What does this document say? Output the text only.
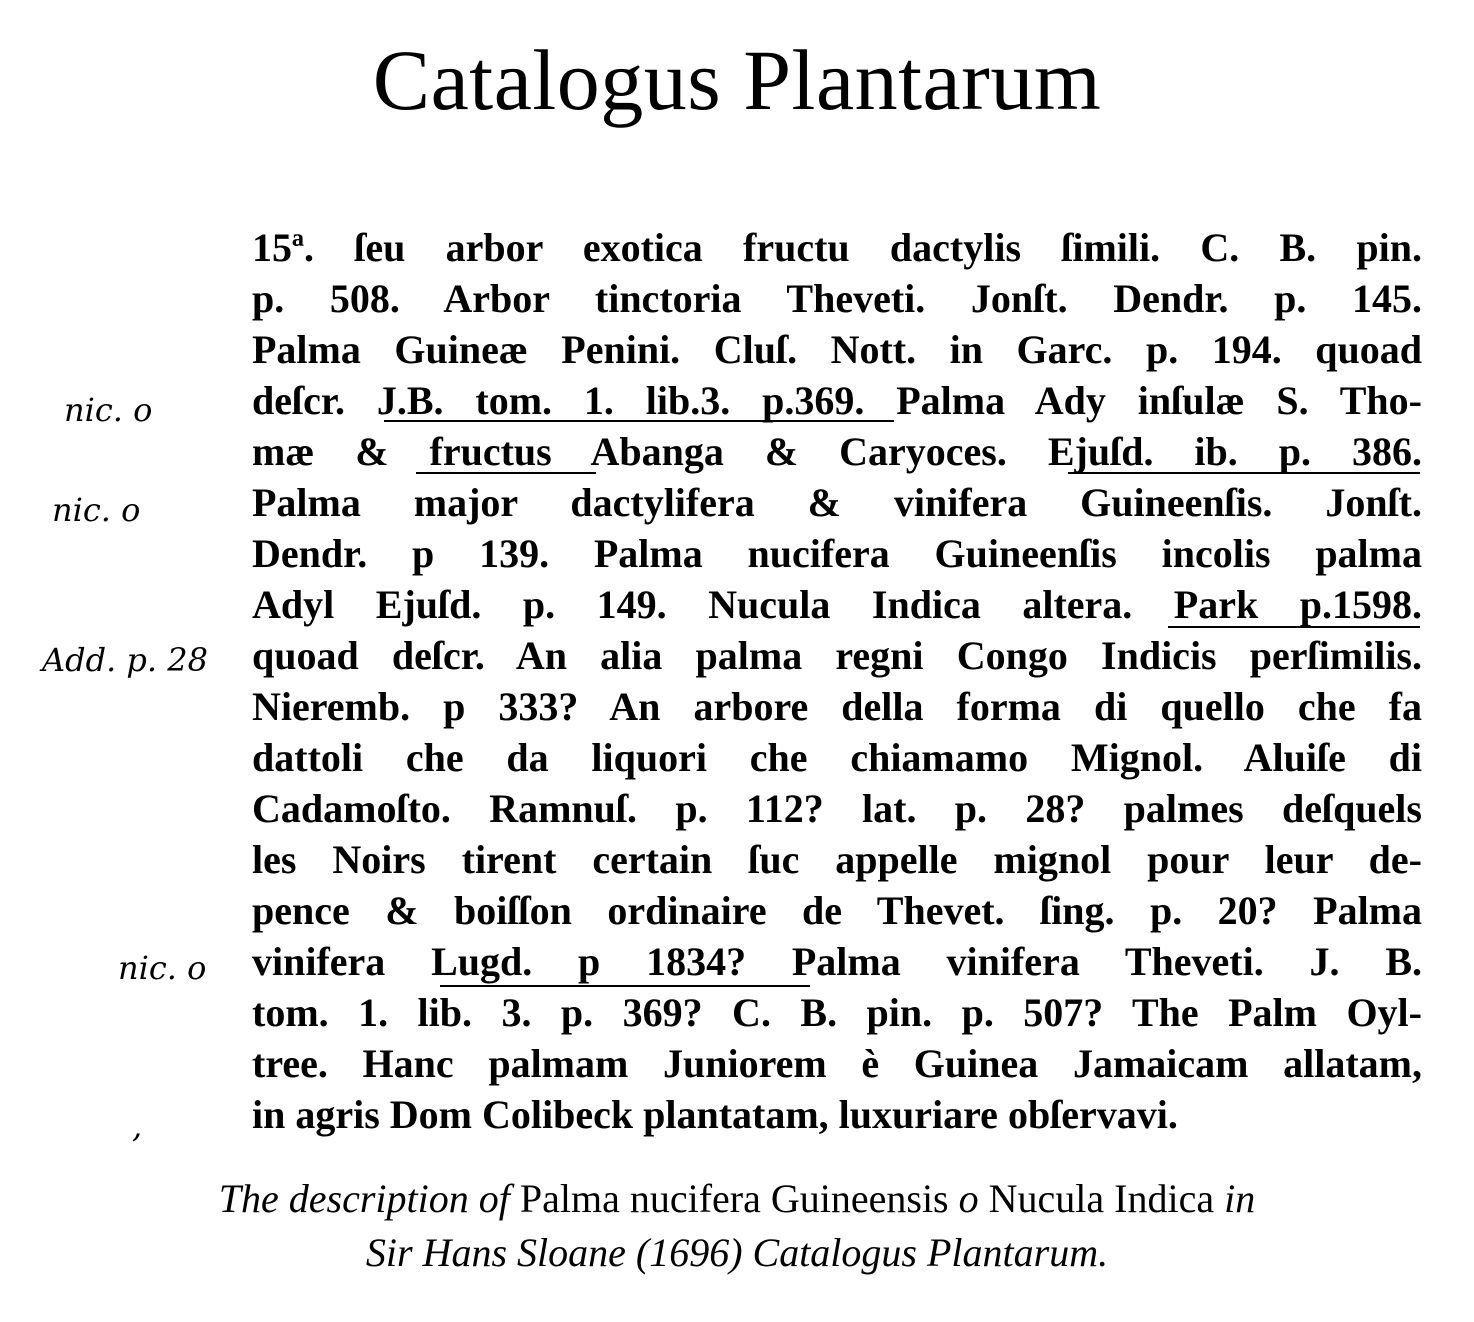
Catalogus Plantarum
15ª. ſeu arbor exotica fructu dactylis ſimili. C. B. pin.
p. 508. Arbor tinctoria Theveti. Jonſt. Dendr. p. 145.
Palma Guineæ Penini. Cluſ. Nott. in Garc. p. 194. quoad
deſcr. J.B. tom. 1. lib.3. p.369. Palma Ady inſulæ S. Tho-
mæ & fructus Abanga & Caryoces. Ejuſd. ib. p. 386.
Palma major dactylifera & vinifera Guineenſis. Jonſt.
Dendr. p 139. Palma nucifera Guineenſis incolis palma
Adyl Ejuſd. p. 149. Nucula Indica altera. Park p.1598.
quoad deſcr. An alia palma regni Congo Indicis perſimilis.
Nieremb. p 333? An arbore della forma di quello che fa
dattoli che da liquori che chiamamo Mignol. Aluiſe di
Cadamoſto. Ramnuſ. p. 112? lat. p. 28? palmes deſquels
les Noirs tirent certain ſuc appelle mignol pour leur de-
pence & boiſſon ordinaire de Thevet. ſing. p. 20? Palma
vinifera Lugd. p 1834? Palma vinifera Theveti. J. B.
tom. 1. lib. 3. p. 369? C. B. pin. p. 507? The Palm Oyl-
tree. Hanc palmam Juniorem è Guinea Jamaicam allatam,
in agris Dom Colibeck plantatam, luxuriare obſervavi.
nic. o
nic. o
Add. p. 28
nic. o
,
The description of Palma nucifera Guineensis o Nucula Indica in
Sir Hans Sloane (1696) Catalogus Plantarum.
